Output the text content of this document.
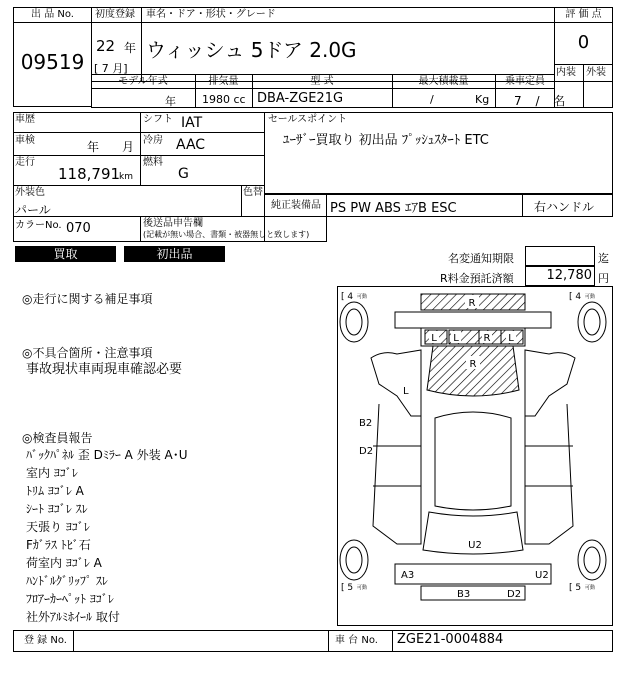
出 品 No.
09519
初度登録
22 年
[ 7 月]
車名・ドア・形状・グレード
ウィッシュ 5ドア 2.0G
評 価 点
0
内装 外装
モデル年式	排気量	型 式	最大積載量	乗車定員
年 1980 cc DBA-ZGE21G	/	Kg 7 / 名
車歴	シフト IAT
車検	年 月 冷房 AAC
走行
118,791
km
燃料
G
外装色
パール
色替
カラーNo. 070	後送品申告欄
(記載が無い場合、書類・被器無しと致します)
セールスポイント
ﾕｰｻﾞｰ買取り 初出品 ﾌﾟｯｼｭｽﾀｰﾄ ETC
純正装備品 PS PW ABS ｴｱB ESC	右ハンドル
買取	初出品	名変通知期限	迄
R料金預託済額	12,780 円
◎走行に関する補足事項
◎不具合箇所・注意事項
事故現状車両現車確認必要
◎検査員報告
ﾊﾞｯｸﾊﾟﾈﾙ 歪 Dﾐﾗｰ A 外装 A･U
室内 ﾖｺﾞﾚ
ﾄﾘﾑ ﾖｺﾞﾚ A
ｼｰﾄ ﾖｺﾞﾚ ｽﾚ
天張り ﾖｺﾞﾚ
Fｶﾞﾗｽ ﾄﾋﾞ石
荷室内 ﾖｺﾞﾚ A
ﾊﾝﾄﾞﾙｸﾞﾘｯﾌﾟ ｽﾚ
ﾌﾛｱｰｶｰﾍﾟｯﾄ ﾖｺﾞﾚ
社外ｱﾙﾐﾎｲｰﾙ 取付
[ 4 可動	[ 4 可動
[ 5 可動	[ 5 可動
R
L L R L
R
L
B2
D2
U2
A3	U2
B3	D2
登 録 No.	車 台 No. ZGE21-0004884
